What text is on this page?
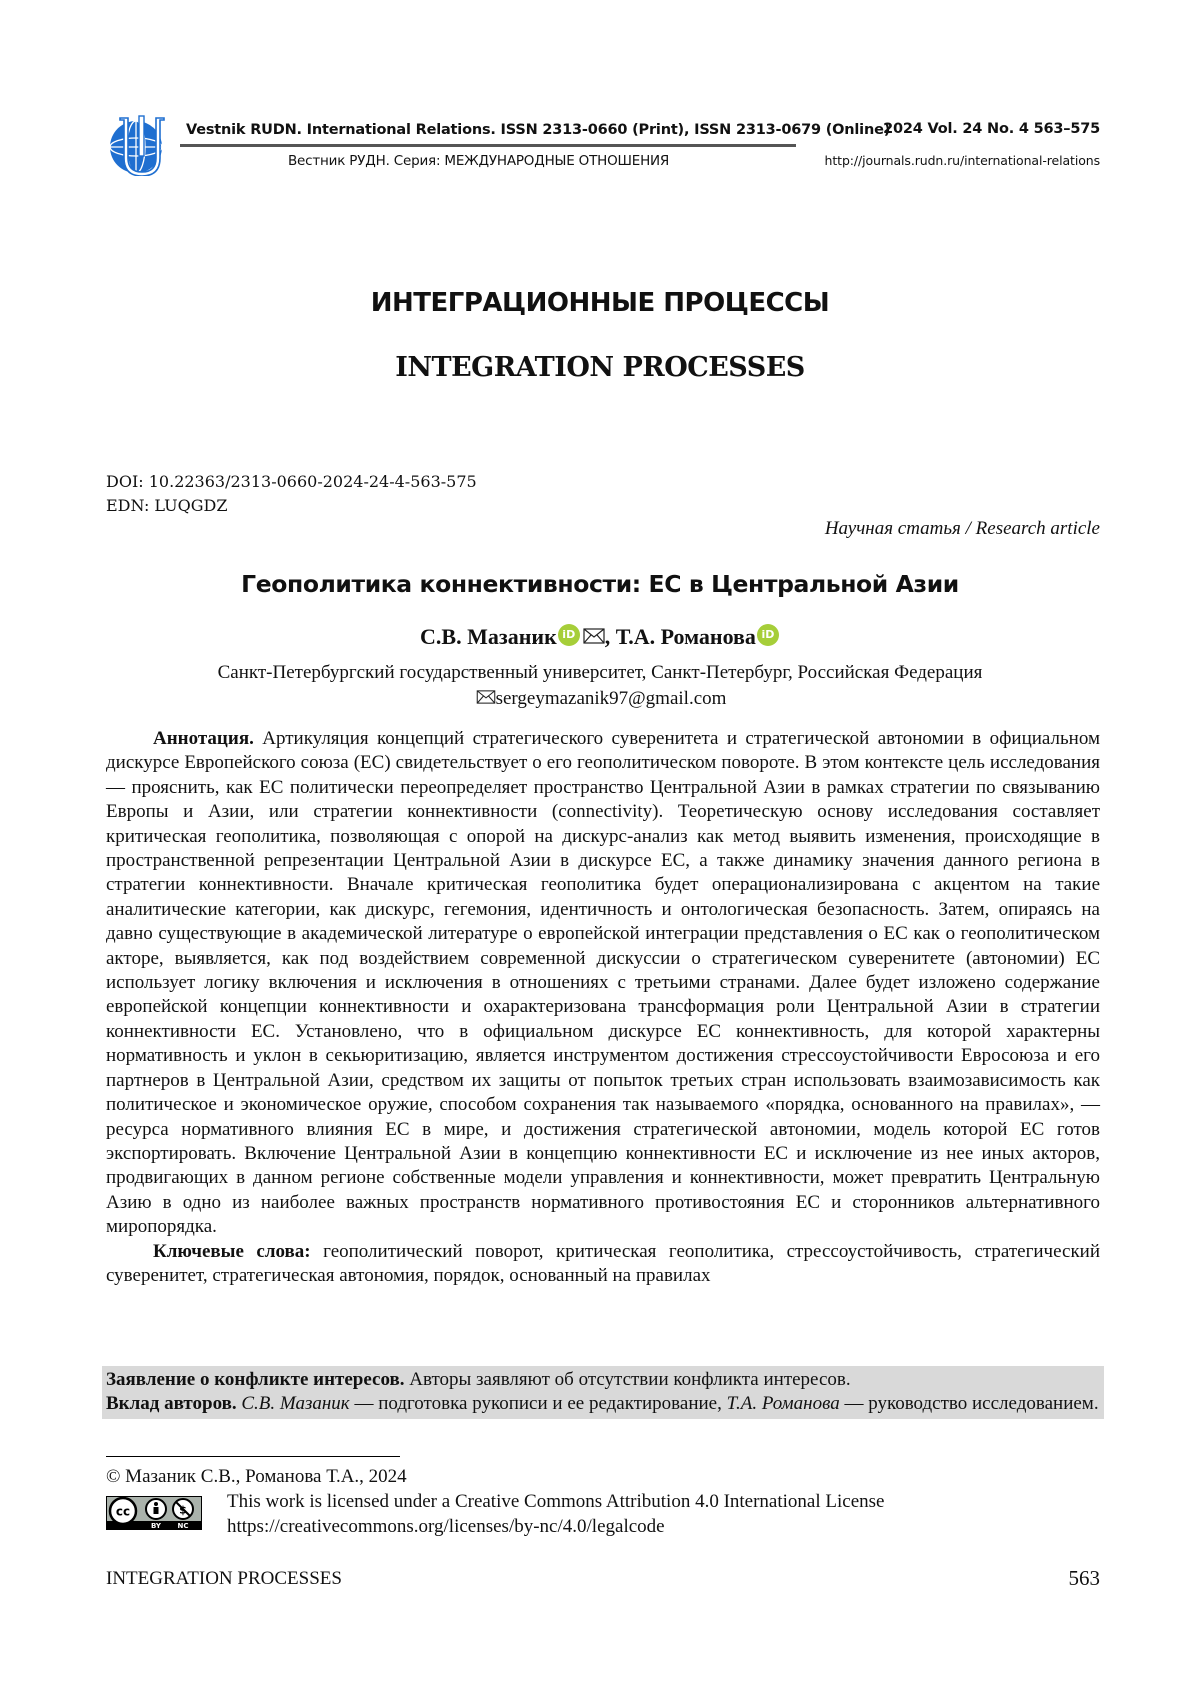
Vestnik RUDN. International Relations. ISSN 2313-0660 (Print), ISSN 2313-0679 (Online)
Вестник РУДН. Серия: МЕЖДУНАРОДНЫЕ ОТНОШЕНИЯ
2024 Vol. 24 No. 4 563–575
http://journals.rudn.ru/international-relations
ИНТЕГРАЦИОННЫЕ ПРОЦЕССЫ
INTEGRATION PROCESSES
DOI: 10.22363/2313-0660-2024-24-4-563-575
EDN: LUQGDZ
Научная статья / Research article
Геополитика коннективности: ЕС в Центральной Азии
С.В. Мазаник iD , Т.А. Романова iD
Санкт-Петербургский государственный университет, Санкт-Петербург, Российская Федерация
sergeymazanik97@gmail.com

Аннотация. Артикуляция концепций стратегического суверенитета и стратегической автономии в официальном дискурсе Европейского союза (ЕС) свидетельствует о его геополитическом повороте. В этом контексте цель исследования — прояснить, как ЕС политически переопределяет пространство Центральной Азии в рамках стратегии по связыванию Европы и Азии, или стратегии коннективности (connectivity). Теоретическую основу исследования составляет критическая геополитика, позволяющая с опорой на дис­курс-анализ как метод выявить изменения, происходящие в пространственной репрезентации Центральной Азии в дискурсе ЕС, а также динамику значения данного региона в стратегии коннективности. Вначале критическая геополитика будет операционализирована с акцентом на такие аналитические категории, как дискурс, гегемония, идентичность и онтологическая безопасность. Затем, опираясь на давно существующие в академической литературе о европейской интеграции представления о ЕС как о геополитическом акторе, выявляется, как под воздействием современной дискуссии о стратегическом суверенитете (автономии) ЕС использует логику включения и исключения в отношениях с третьими странами. Далее будет изложено содержание европейской концепции коннективности и охарактеризована трансформация роли Центральной Азии в стратегии коннективности ЕС. Установлено, что в официальном дискурсе ЕС коннективность, для которой характерны нормативность и уклон в секьюритизацию, является инструментом достижения стрес­соустойчивости Евросоюза и его партнеров в Центральной Азии, средством их защиты от попыток третьих стран использовать взаимозависимость как политическое и экономическое оружие, способом сохранения так называемого «порядка, основанного на правилах», — ресурса нормативного влияния ЕС в мире, и достижения стратегической автономии, модель которой ЕС готов экспортировать. Включение Централь­ной Азии в концепцию коннективности ЕС и исключение из нее иных акторов, продвигающих в данном регионе собственные модели управления и коннективности, может превратить Центральную Азию в одно из наиболее важных пространств нормативного противостояния ЕС и сторонников альтернативного миропорядка.

Ключевые слова: геополитический поворот, критическая геополитика, стрессоустойчивость, страте­гический суверенитет, стратегическая автономия, порядок, основанный на правилах

Заявление о конфликте интересов. Авторы заявляют об отсутствии конфликта интересов.

Вклад авторов. С.В. Мазаник — подготовка рукописи и ее редактирование, Т.А. Романова — руководство исследованием.

© Мазаник С.В., Романова Т.А., 2024
cc
BY NC
This work is licensed under a Creative Commons Attribution 4.0 International License
https://creativecommons.org/licenses/by-nc/4.0/legalcode
INTEGRATION PROCESSES	563
